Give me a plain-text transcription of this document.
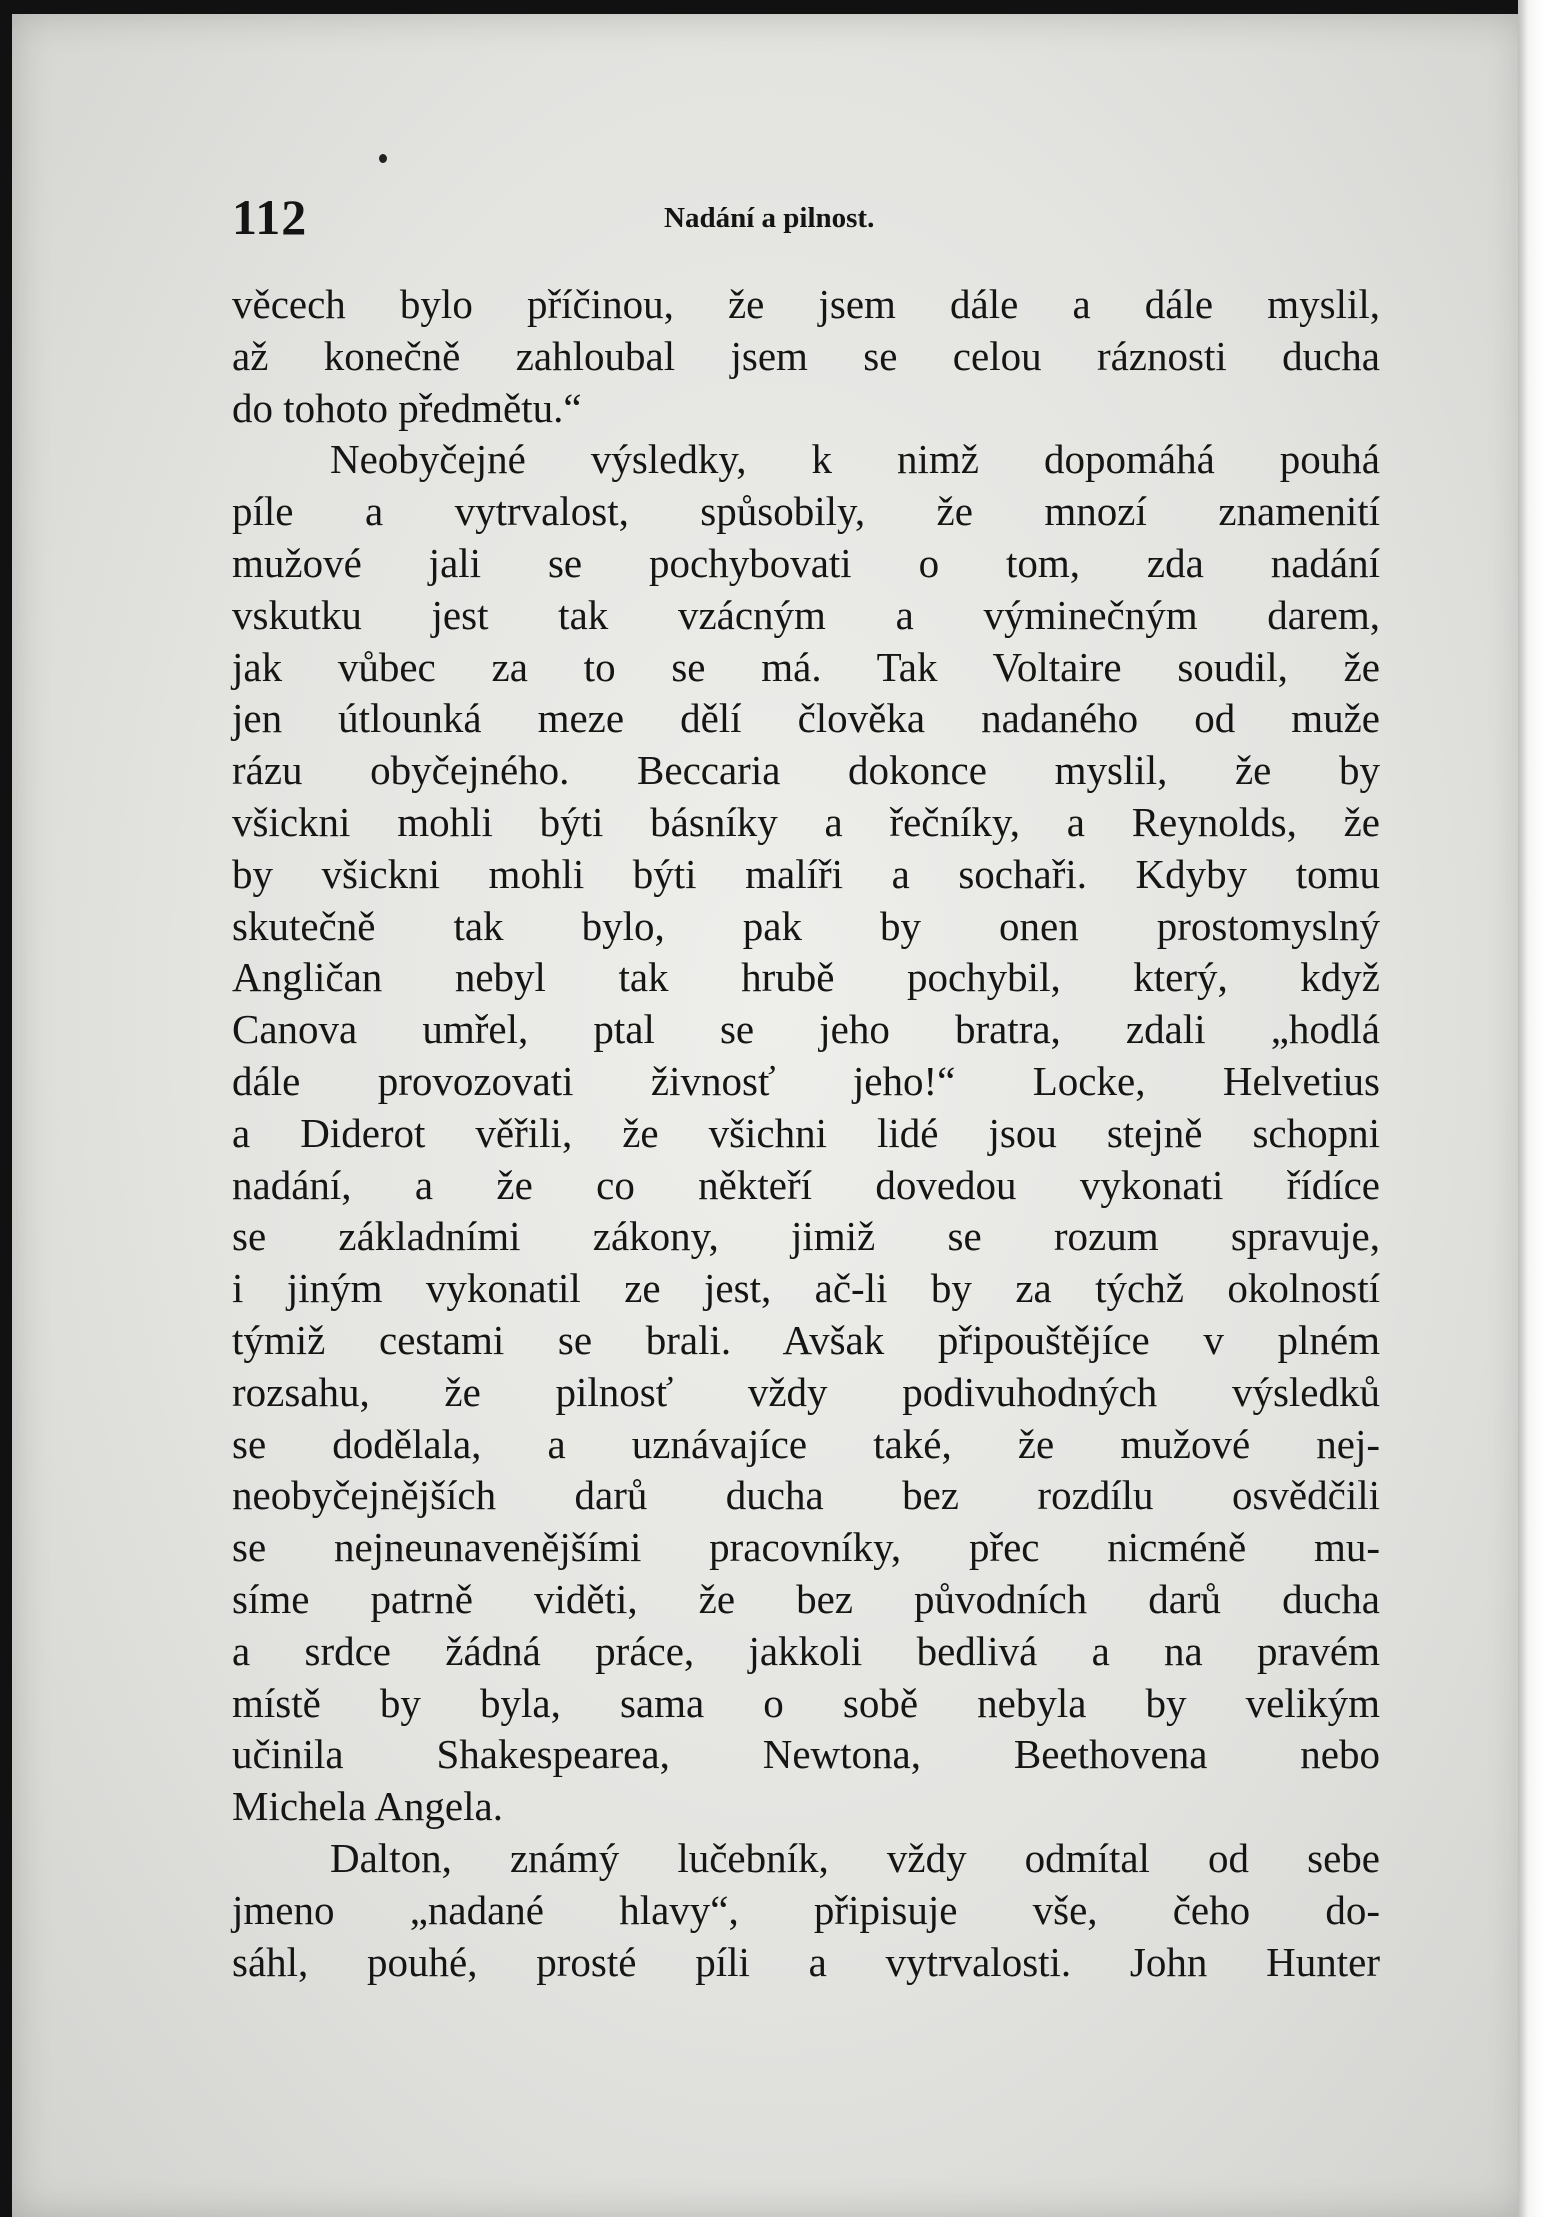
112	Nadání a pilnost.
věcech bylo příčinou, že jsem dále a dále myslil,
až konečně zahloubal jsem se celou ráznosti ducha
do tohoto předmětu.“
Neobyčejné výsledky, k nimž dopomáhá pouhá
píle a vytrvalost, spůsobily, že mnozí znamenití
mužové jali se pochybovati o tom, zda nadání
vskutku jest tak vzácným a výminečným darem,
jak vůbec za to se má. Tak Voltaire soudil, že
jen útlounká meze dělí člověka nadaného od muže
rázu obyčejného. Beccaria dokonce myslil, že by
všickni mohli býti básníky a řečníky, a Reynolds, že
by všickni mohli býti malíři a sochaři. Kdyby tomu
skutečně tak bylo, pak by onen prostomyslný
Angličan nebyl tak hrubě pochybil, který, když
Canova umřel, ptal se jeho bratra, zdali „hodlá
dále provozovati živnosť jeho!“ Locke, Helvetius
a Diderot věřili, že všichni lidé jsou stejně schopni
nadání, a že co někteří dovedou vykonati řídíce
se základními zákony, jimiž se rozum spravuje,
i jiným vykonatil ze jest, ač-li by za týchž okolností
týmiž cestami se brali. Avšak připouštějíce v plném
rozsahu, že pilnosť vždy podivuhodných výsledků
se dodělala, a uznávajíce také, že mužové nej-
neobyčejnějších darů ducha bez rozdílu osvědčili
se nejneunavenějšími pracovníky, přec nicméně mu-
síme patrně viděti, že bez původních darů ducha
a srdce žádná práce, jakkoli bedlivá a na pravém
místě by byla, sama o sobě nebyla by velikým
učinila Shakespearea, Newtona, Beethovena nebo
Michela Angela.
Dalton, známý lučebník, vždy odmítal od sebe
jmeno „nadané hlavy“, připisuje vše, čeho do-
sáhl, pouhé, prosté píli a vytrvalosti. John Hunter
